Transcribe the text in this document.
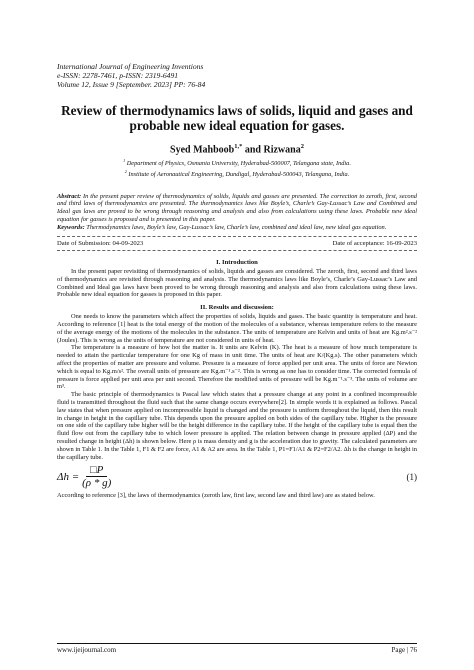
International Journal of Engineering Inventions
e-ISSN: 2278-7461, p-ISSN: 2319-6491
Volume 12, Issue 9 [September. 2023] PP: 76-84
Review of thermodynamics laws of solids, liquid and gases and probable new ideal equation for gases.
Syed Mahboob$^{1,*}$ and Rizwana$^2$
$^1$ Department of Physics, Osmania University, Hyderabad-500007, Telangana state, India.
$^2$ Institute of Aeronautical Engineering, Dundigal, Hyderabad-500043, Telangana, India.
Abstract: In the present paper review of thermodynamics of solids, liquids and gasses are presented. The correction to zeroth, first, second and third laws of thermodynamics are presented. The thermodynamics laws like Boyle’s, Charle’s Gay-Lussac’s Law and Combined and Ideal gas laws are proved to be wrong through reasoning and analysis and also from calculations using these laws. Probable new ideal equation for gasses is proposed and is presented in this paper.
Keywords: Thermodynamics laws, Boyle’s law, Gay-Lussac’s law, Charle’s law, combined and ideal law, new ideal gas equation.
Date of Submission: 04-09-2023	Date of acceptance: 16-09-2023
I. Introduction

In the present paper revisiting of thermodynamics of solids, liquids and gasses are considered. The zeroth, first, second and third laws of thermodynamics are revisited through reasoning and analysis. The thermodynamics laws like Boyle’s, Charle’s Gay-Lussac’s Law and Combined and Ideal gas laws have been proved to be wrong through reasoning and analysis and also from calculations using these laws. Probable new ideal equation for gasses is proposed in this paper.

II. Results and discussion:

One needs to know the parameters which affect the properties of solids, liquids and gases. The basic quantity is temperature and heat. According to reference [1] heat is the total energy of the motion of the molecules of a substance, whereas temperature refers to the measure of the average energy of the motions of the molecules in the substance. The units of temperature are Kelvin and units of heat are Kg.m².s⁻² (Joules). This is wrong as the units of temperature are not considered in units of heat.

The temperature is a measure of how hot the matter is. It units are Kelvin (K). The heat is a measure of how much temperature is needed to attain the particular temperature for one Kg of mass in unit time. The units of heat are K/(Kg.s). The other parameters which affect the properties of matter are pressure and volume. Pressure is a measure of force applied per unit area. The units of force are Newton which is equal to Kg.m/s². The overall units of pressure are Kg.m⁻¹.s⁻². This is wrong as one has to consider time. The corrected formula of pressure is force applied per unit area per unit second. Therefore the modified units of pressure will be Kg.m⁻¹.s⁻³. The units of volume are m³.

The basic principle of thermodynamics is Pascal law which states that a pressure change at any point in a confined incompressible fluid is transmitted throughout the fluid such that the same change occurs everywhere[2]. In simple words it is explained as follows. Pascal law states that when pressure applied on incompressible liquid is changed and the pressure is uniform throughout the liquid, then this result in change in height in the capillary tube. This depends upon the pressure applied on both sides of the capillary tube. Higher is the pressure on one side of the capillary tube higher will be the height difference in the capillary tube. If the height of the capillary tube is equal then the fluid flow out from the capillary tube to which lower pressure is applied. The relation between change in pressure applied (ΔP) and the resulted change in height (Δh) is shown below. Here ρ is mass density and g is the acceleration due to gravity. The calculated parameters are shown in Table 1. In the Table 1, F1 & F2 are force, A1 & A2 are area. In the Table 1, P1=F1/A1 & P2=F2/A2. Δh is the change in height in the capillary tube.

$\Delta h = \frac{□P}{(\rho * g)}$	(1)

According to reference [3], the laws of thermodynamics (zeroth law, first law, second law and third law) are as stated below.

www.ijeijournal.com	Page | 76
